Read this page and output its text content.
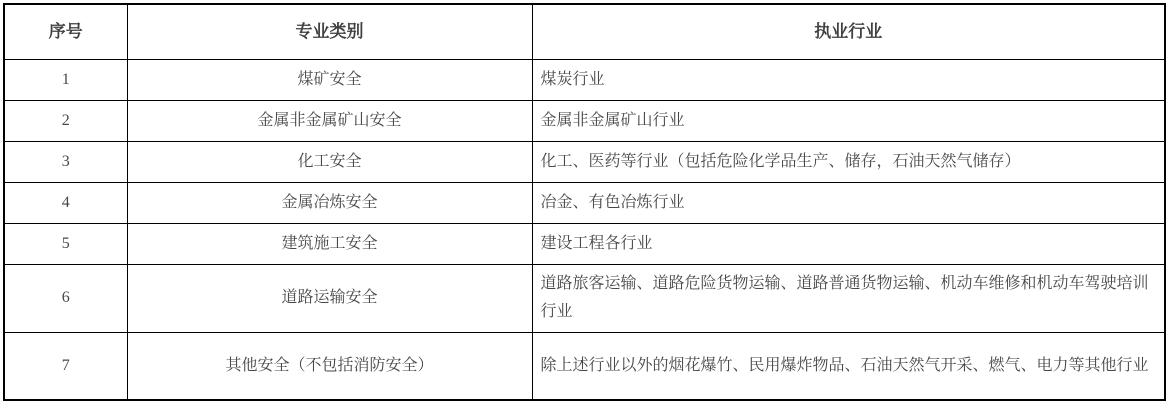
序号	专业类别	执业行业
1	煤矿安全	煤炭行业
2	金属非金属矿山安全	金属非金属矿山行业
3	化工安全	化工、医药等行业（包括危险化学品生产、储存，石油天然气储存）
4	金属冶炼安全	冶金、有色冶炼行业
5	建筑施工安全	建设工程各行业
6	道路运输安全	道路旅客运输、道路危险货物运输、道路普通货物运输、机动车维修和机动车驾驶培训行业
7	其他安全（不包括消防安全）	除上述行业以外的烟花爆竹、民用爆炸物品、石油天然气开采、燃气、电力等其他行业
